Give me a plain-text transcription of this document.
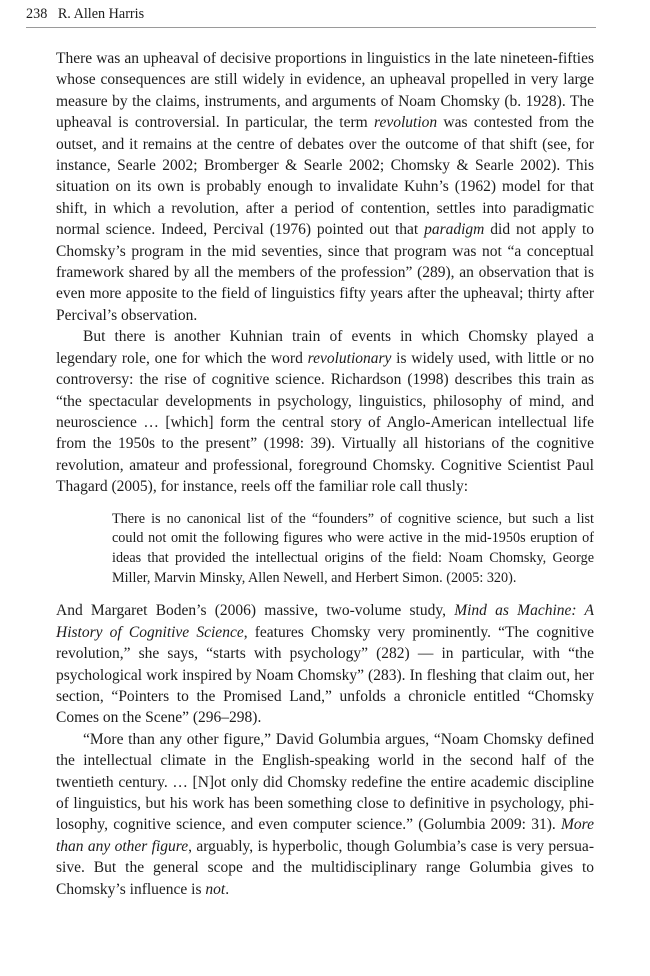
238 R. Allen Harris

There was an upheaval of decisive proportions in linguistics in the late nineteen-fifties whose consequences are still widely in evidence, an upheaval propelled in very large measure by the claims, instruments, and arguments of Noam Chomsky (b. 1928). The upheaval is controversial. In particular, the term revolution was contested from the outset, and it remains at the centre of debates over the outcome of that shift (see, for instance, Searle 2002; Bromberger & Searle 2002; Chomsky & Searle 2002). This situation on its own is probably enough to invalidate Kuhn’s (1962) model for that shift, in which a revolution, after a period of contention, settles into paradigmatic normal science. Indeed, Percival (1976) pointed out that paradigm did not apply to Chomsky’s program in the mid seventies, since that program was not “a conceptual framework shared by all the members of the profession” (289), an observation that is even more apposite to the field of linguistics fifty years after the upheaval; thirty after Percival’s observation.

But there is another Kuhnian train of events in which Chomsky played a legendary role, one for which the word revolutionary is widely used, with little or no controversy: the rise of cognitive science. Richardson (1998) describes this train as “the spectacular developments in psychology, linguistics, philosophy of mind, and neuroscience … [which] form the central story of Anglo-American intellectual life from the 1950s to the present” (1998: 39). Virtually all historians of the cognitive revolution, amateur and professional, foreground Chomsky. Cognitive Scientist Paul Thagard (2005), for instance, reels off the familiar role call thusly:

There is no canonical list of the “founders” of cognitive science, but such a list could not omit the following figures who were active in the mid-1950s eruption of ideas that provided the intellectual origins of the field: Noam Chomsky, George Miller, Marvin Minsky, Allen Newell, and Herbert Simon. (2005: 320).

And Margaret Boden’s (2006) massive, two-volume study, Mind as Machine: A History of Cognitive Science, features Chomsky very prominently. “The cognitive revolution,” she says, “starts with psychology” (282) — in particular, with “the psychological work inspired by Noam Chomsky” (283). In fleshing that claim out, her section, “Pointers to the Promised Land,” unfolds a chronicle entitled “Chomsky Comes on the Scene” (296–298).

“More than any other figure,” David Golumbia argues, “Noam Chomsky defined the intellectual climate in the English-speaking world in the second half of the twentieth century. … [N]ot only did Chomsky redefine the entire academic discipline of linguistics, but his work has been something close to definitive in psychology, philosophy, cognitive science, and even computer science.” (Golumbia 2009: 31). More than any other figure, arguably, is hyperbolic, though Golumbia’s case is very persuasive. But the general scope and the multidisciplinary range Golumbia gives to Chomsky’s influence is not.
